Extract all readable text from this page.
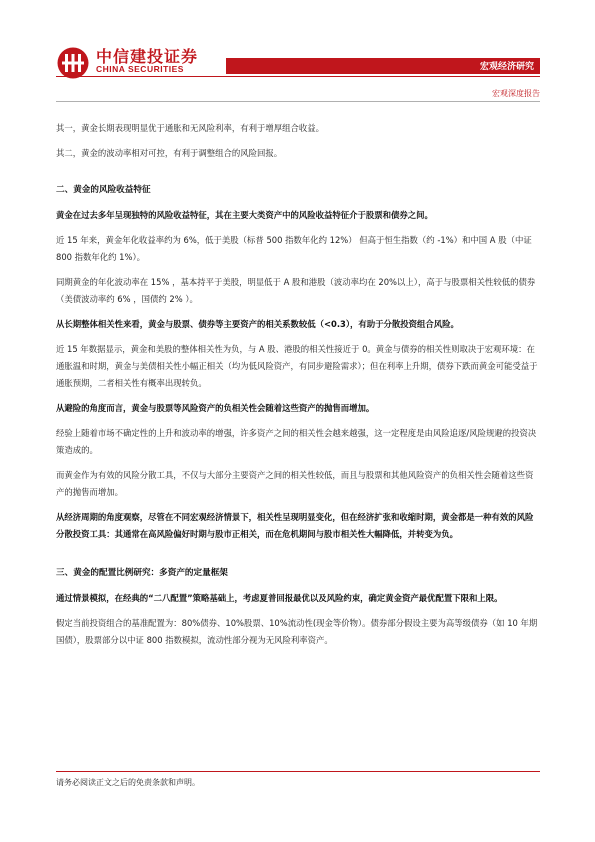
中信建投证券
CHINA SECURITIES	宏观经济研究
宏观深度报告

其一，黄金长期表现明显优于通胀和无风险利率，有利于增厚组合收益。

其二，黄金的波动率相对可控，有利于调整组合的风险回报。

二、黄金的风险收益特征

黄金在过去多年呈现独特的风险收益特征，其在主要大类资产中的风险收益特征介于股票和债券之间。

近 15 年来，黄金年化收益率约为 6%，低于美股（标普 500 指数年化约 12%） 但高于恒生指数（约 -1%）和中国 A 股（中证 800 指数年化约 1%）。

同期黄金的年化波动率在 15% ，基本持平于美股，明显低于 A 股和港股（波动率均在 20%以上），高于与股票相关性较低的债券（美债波动率约 6% ，国债约 2% ）。

从长期整体相关性来看，黄金与股票、债券等主要资产的相关系数较低（<0.3），有助于分散投资组合风险。

近 15 年数据显示，黄金和美股的整体相关性为负，与 A 股、港股的相关性接近于 0。黄金与债券的相关性则取决于宏观环境：在通胀温和时期，黄金与美债相关性小幅正相关（均为低风险资产，有同步避险需求）；但在利率上升期，债券下跌而黄金可能受益于通胀预期，二者相关性有概率出现转负。

从避险的角度而言，黄金与股票等风险资产的负相关性会随着这些资产的抛售而增加。

经验上随着市场不确定性的上升和波动率的增强，许多资产之间的相关性会越来越强，这一定程度是由风险追逐/风险规避的投资决策造成的。

而黄金作为有效的风险分散工具，不仅与大部分主要资产之间的相关性较低，而且与股票和其他风险资产的负相关性会随着这些资产的抛售而增加。

从经济周期的角度观察，尽管在不同宏观经济情景下，相关性呈现明显变化，但在经济扩张和收缩时期，黄金都是一种有效的风险分散投资工具：其通常在高风险偏好时期与股市正相关，而在危机期间与股市相关性大幅降低，并转变为负。

三、黄金的配置比例研究：多资产的定量框架

通过情景模拟，在经典的“二八配置”策略基础上，考虑夏普回报最优以及风险约束，确定黄金资产最优配置下限和上限。

假定当前投资组合的基准配置为：80%债券、10%股票、10%流动性(现金等价物）。债券部分假设主要为高等级债券（如 10 年期国债），股票部分以中证 800 指数模拟，流动性部分视为无风险利率资产。

请务必阅读正文之后的免责条款和声明。
